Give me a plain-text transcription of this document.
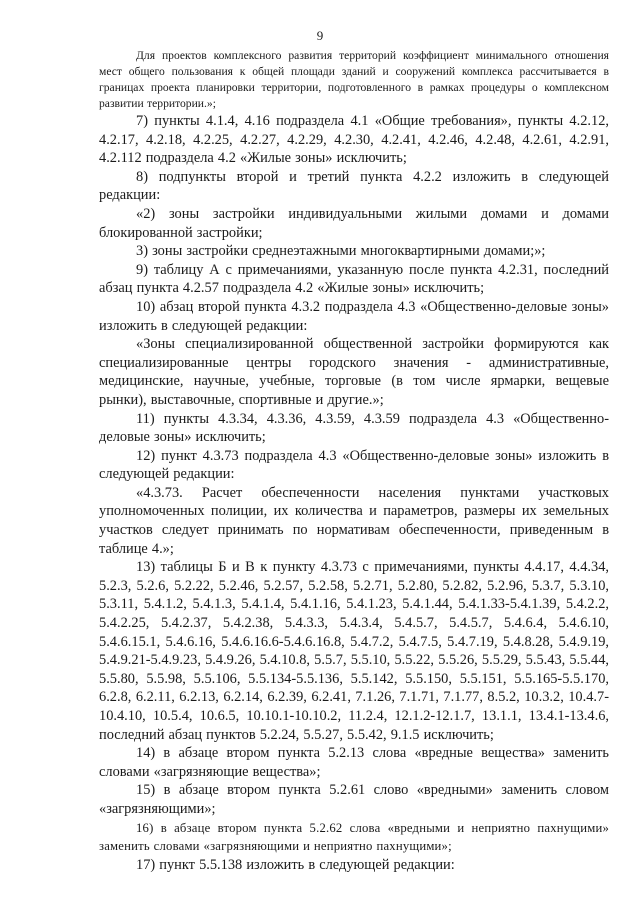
9

Для проектов комплексного развития территорий коэффициент минимального отношения мест общего пользования к общей площади зданий и сооружений комплекса рассчитывается в границах проекта планировки территории, подготовленного в рамках процедуры о комплексном развитии территории.»;

7) пункты 4.1.4, 4.16 подраздела 4.1 «Общие требования», пункты 4.2.12, 4.2.17, 4.2.18, 4.2.25, 4.2.27, 4.2.29, 4.2.30, 4.2.41, 4.2.46, 4.2.48, 4.2.61, 4.2.91, 4.2.112 подраздела 4.2 «Жилые зоны» исключить;

8) подпункты второй и третий пункта 4.2.2 изложить в следующей редакции:

«2) зоны застройки индивидуальными жилыми домами и домами блокированной застройки;

3) зоны застройки среднеэтажными многоквартирными домами;»;

9) таблицу А с примечаниями, указанную после пункта 4.2.31, последний абзац пункта 4.2.57 подраздела 4.2 «Жилые зоны» исключить;

10) абзац второй пункта 4.3.2 подраздела 4.3 «Общественно-деловые зоны» изложить в следующей редакции:

«Зоны специализированной общественной застройки формируются как специализированные центры городского значения - административные, медицинские, научные, учебные, торговые (в том числе ярмарки, вещевые рынки), выставочные, спортивные и другие.»;

11) пункты 4.3.34, 4.3.36, 4.3.59, 4.3.59 подраздела 4.3 «Общественно-деловые зоны» исключить;

12) пункт 4.3.73 подраздела 4.3 «Общественно-деловые зоны» изложить в следующей редакции:

«4.3.73. Расчет обеспеченности населения пунктами участковых уполномоченных полиции, их количества и параметров, размеры их земельных участков следует принимать по нормативам обеспеченности, приведенным в таблице 4.»;

13) таблицы Б и В к пункту 4.3.73 с примечаниями, пункты 4.4.17, 4.4.34, 5.2.3, 5.2.6, 5.2.22, 5.2.46, 5.2.57, 5.2.58, 5.2.71, 5.2.80, 5.2.82, 5.2.96, 5.3.7, 5.3.10, 5.3.11, 5.4.1.2, 5.4.1.3, 5.4.1.4, 5.4.1.16, 5.4.1.23, 5.4.1.44, 5.4.1.33-5.4.1.39, 5.4.2.2, 5.4.2.25, 5.4.2.37, 5.4.2.38, 5.4.3.3, 5.4.3.4, 5.4.5.7, 5.4.5.7, 5.4.6.4, 5.4.6.10, 5.4.6.15.1, 5.4.6.16, 5.4.6.16.6-5.4.6.16.8, 5.4.7.2, 5.4.7.5, 5.4.7.19, 5.4.8.28, 5.4.9.19, 5.4.9.21-5.4.9.23, 5.4.9.26, 5.4.10.8, 5.5.7, 5.5.10, 5.5.22, 5.5.26, 5.5.29, 5.5.43, 5.5.44, 5.5.80, 5.5.98, 5.5.106, 5.5.134-5.5.136, 5.5.142, 5.5.150, 5.5.151, 5.5.165-5.5.170, 6.2.8, 6.2.11, 6.2.13, 6.2.14, 6.2.39, 6.2.41, 7.1.26, 7.1.71, 7.1.77, 8.5.2, 10.3.2, 10.4.7-10.4.10, 10.5.4, 10.6.5, 10.10.1-10.10.2, 11.2.4, 12.1.2-12.1.7, 13.1.1, 13.4.1-13.4.6, последний абзац пунктов 5.2.24, 5.5.27, 5.5.42, 9.1.5 исключить;

14) в абзаце втором пункта 5.2.13 слова «вредные вещества» заменить словами «загрязняющие вещества»;

15) в абзаце втором пункта 5.2.61 слово «вредными» заменить словом «загрязняющими»;

16) в абзаце втором пункта 5.2.62 слова «вредными и неприятно пахнущими» заменить словами «загрязняющими и неприятно пахнущими»;

17) пункт 5.5.138 изложить в следующей редакции:
